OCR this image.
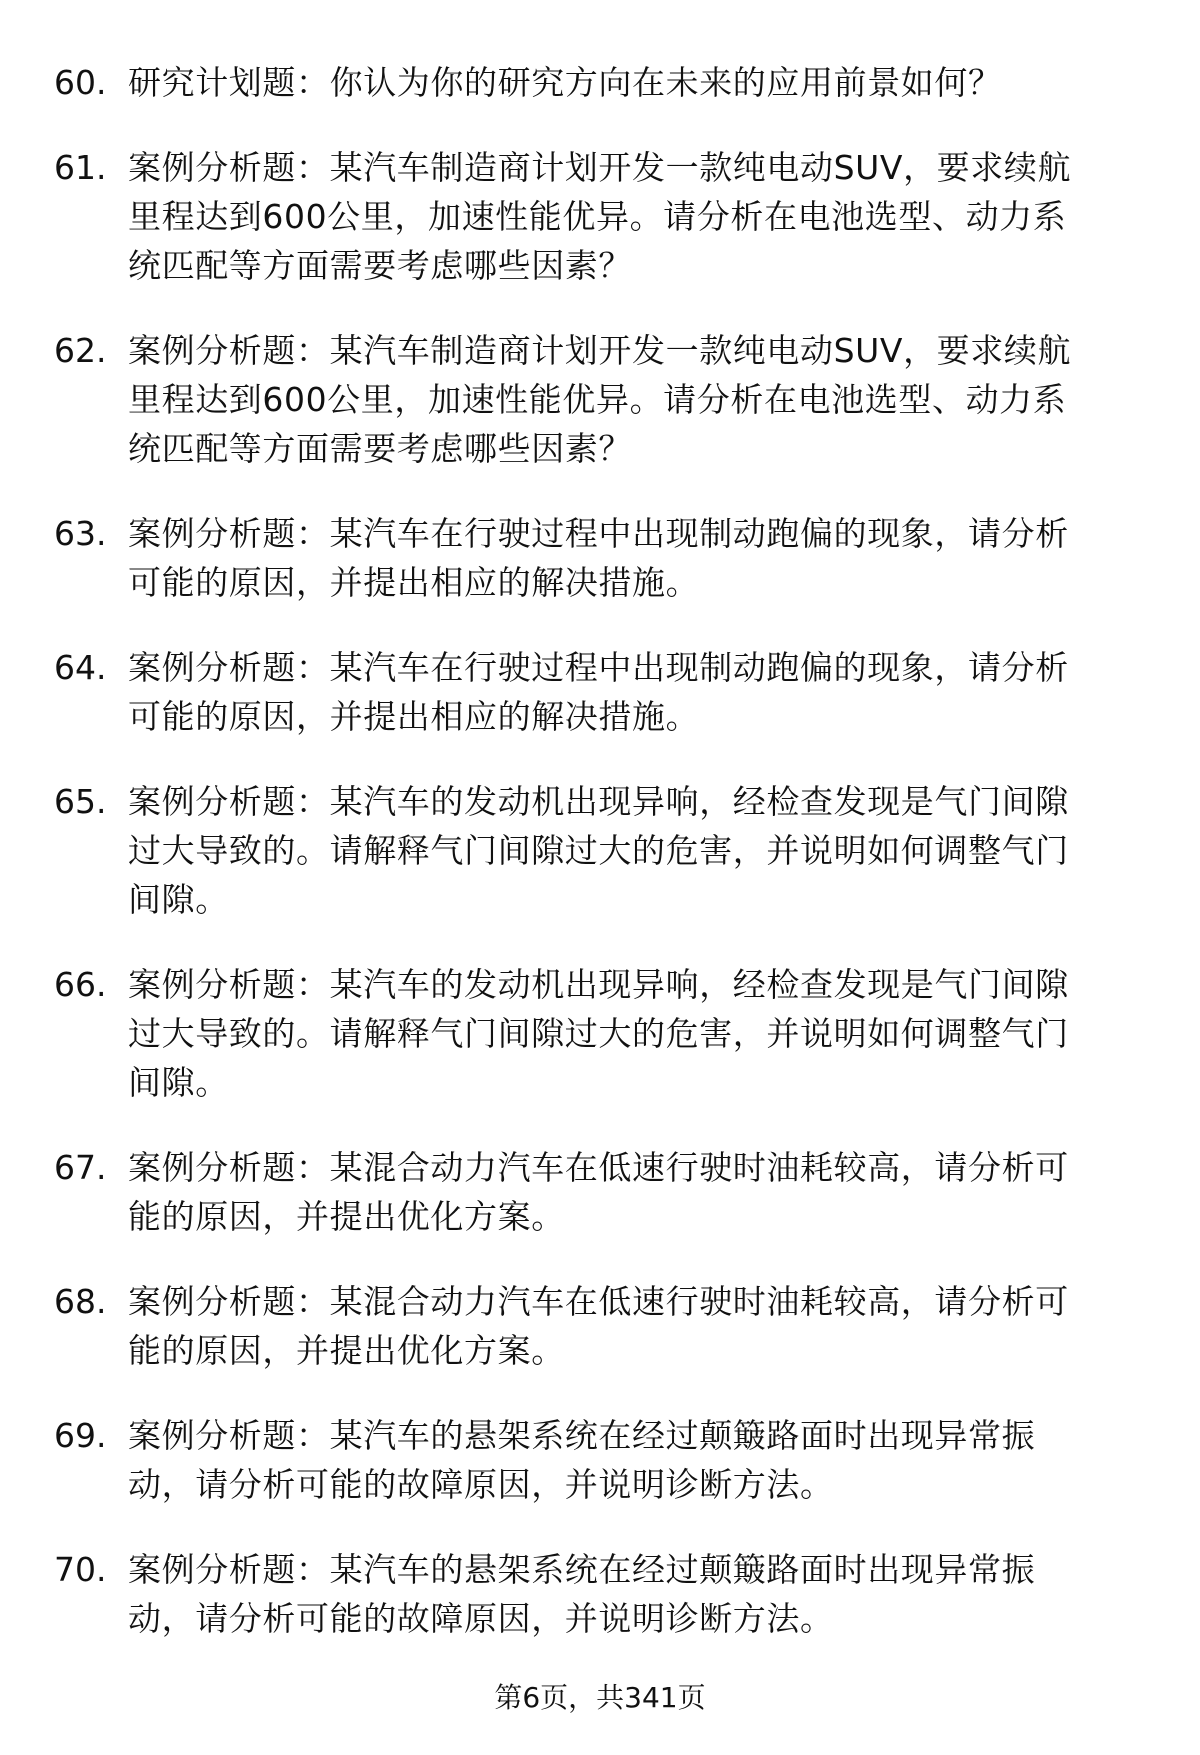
60. 研究计划题：你认为你的研究方向在未来的应用前景如何？
61. 案例分析题：某汽车制造商计划开发一款纯电动SUV，要求续航
里程达到600公里，加速性能优异。请分析在电池选型、动力系
统匹配等方面需要考虑哪些因素？
62. 案例分析题：某汽车制造商计划开发一款纯电动SUV，要求续航
里程达到600公里，加速性能优异。请分析在电池选型、动力系
统匹配等方面需要考虑哪些因素？
63. 案例分析题：某汽车在行驶过程中出现制动跑偏的现象，请分析
可能的原因，并提出相应的解决措施。
64. 案例分析题：某汽车在行驶过程中出现制动跑偏的现象，请分析
可能的原因，并提出相应的解决措施。
65. 案例分析题：某汽车的发动机出现异响，经检查发现是气门间隙
过大导致的。请解释气门间隙过大的危害，并说明如何调整气门
间隙。
66. 案例分析题：某汽车的发动机出现异响，经检查发现是气门间隙
过大导致的。请解释气门间隙过大的危害，并说明如何调整气门
间隙。
67. 案例分析题：某混合动力汽车在低速行驶时油耗较高，请分析可
能的原因，并提出优化方案。
68. 案例分析题：某混合动力汽车在低速行驶时油耗较高，请分析可
能的原因，并提出优化方案。
69. 案例分析题：某汽车的悬架系统在经过颠簸路面时出现异常振
动，请分析可能的故障原因，并说明诊断方法。
70. 案例分析题：某汽车的悬架系统在经过颠簸路面时出现异常振
动，请分析可能的故障原因，并说明诊断方法。
第6页，共341页
